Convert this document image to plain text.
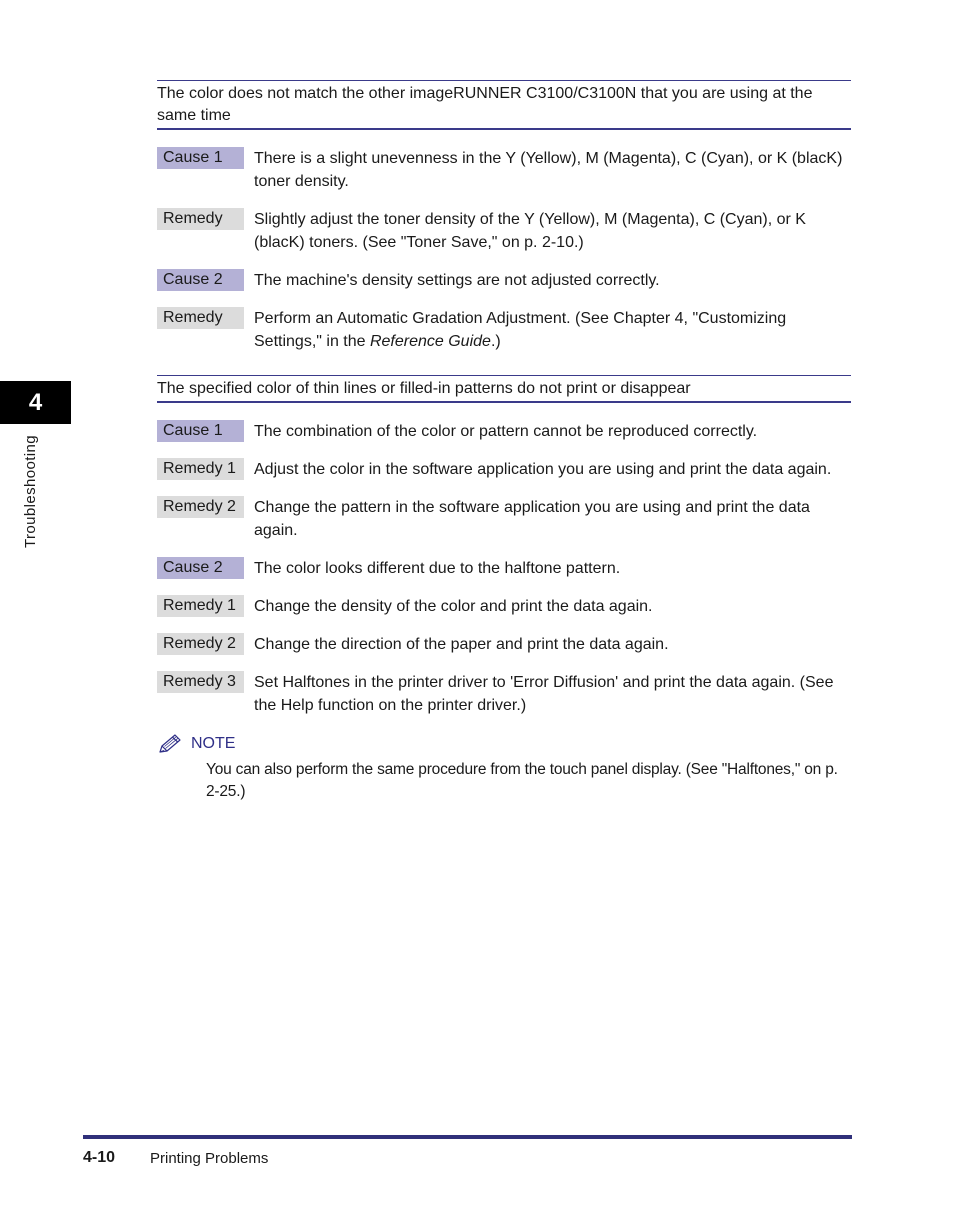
4
Troubleshooting
The color does not match the other imageRUNNER C3100/C3100N that you are using at the same time
Cause 1	There is a slight unevenness in the Y (Yellow), M (Magenta), C (Cyan), or K (blacK) toner density.
Remedy	Slightly adjust the toner density of the Y (Yellow), M (Magenta), C (Cyan), or K (blacK) toners. (See "Toner Save," on p. 2-10.)
Cause 2	The machine's density settings are not adjusted correctly.
Remedy	Perform an Automatic Gradation Adjustment. (See Chapter 4, "Customizing Settings," in the Reference Guide.)
The specified color of thin lines or filled-in patterns do not print or disappear
Cause 1	The combination of the color or pattern cannot be reproduced correctly.
Remedy 1	Adjust the color in the software application you are using and print the data again.
Remedy 2	Change the pattern in the software application you are using and print the data again.
Cause 2	The color looks different due to the halftone pattern.
Remedy 1	Change the density of the color and print the data again.
Remedy 2	Change the direction of the paper and print the data again.
Remedy 3	Set Halftones in the printer driver to 'Error Diffusion' and print the data again. (See the Help function on the printer driver.)
NOTE
You can also perform the same procedure from the touch panel display. (See "Halftones," on p. 2-25.)
4-10 Printing Problems
